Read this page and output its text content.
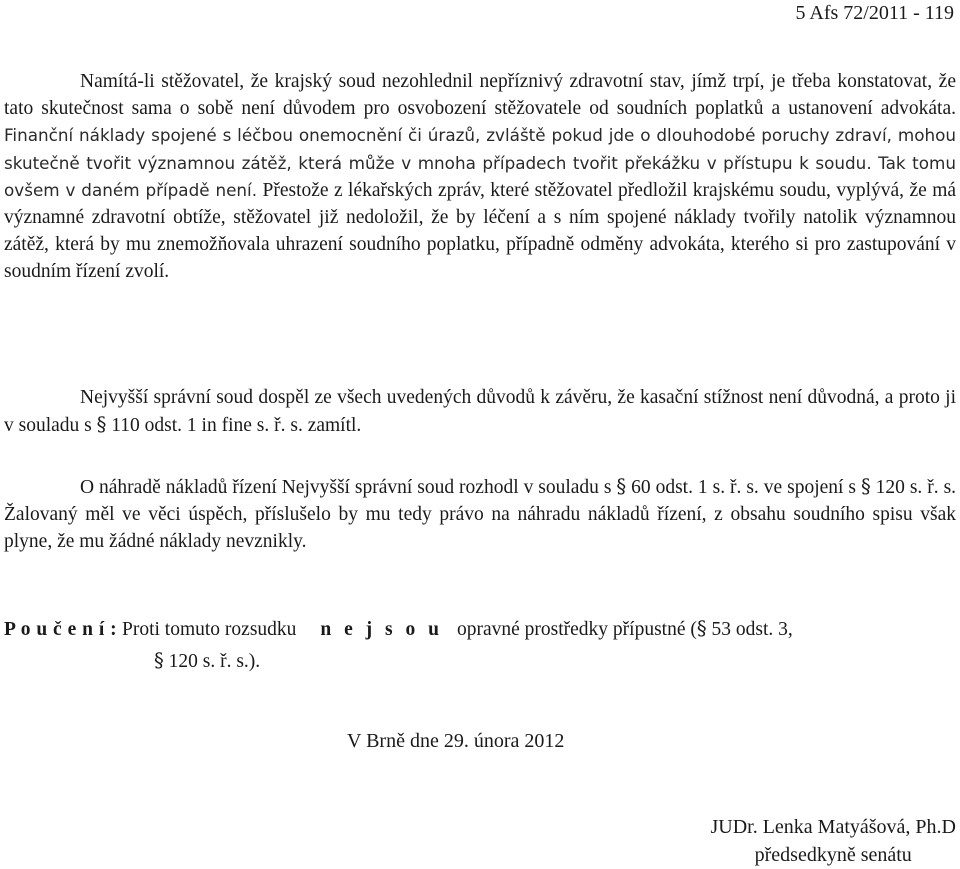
5 Afs 72/2011 - 119

Namítá-li stěžovatel, že krajský soud nezohlednil nepříznivý zdravotní stav, jímž trpí, je třeba konstatovat, že tato skutečnost sama o sobě není důvodem pro osvobození stěžovatele od soudních poplatků a ustanovení advokáta. Finanční náklady spojené s léčbou onemocnění či úrazů, zvláště pokud jde o dlouhodobé poruchy zdraví, mohou skutečně tvořit významnou zátěž, která může v mnoha případech tvořit překážku v přístupu k soudu. Tak tomu ovšem v daném případě není. Přestože z lékařských zpráv, které stěžovatel předložil krajskému soudu, vyplývá, že má významné zdravotní obtíže, stěžovatel již nedoložil, že by léčení a s ním spojené náklady tvořily natolik významnou zátěž, která by mu znemožňovala uhrazení soudního poplatku, případně odměny advokáta, kterého si pro zastupování v soudním řízení zvolí.

Nejvyšší správní soud dospěl ze všech uvedených důvodů k závěru, že kasační stížnost není důvodná, a proto ji v souladu s § 110 odst. 1 in fine s. ř. s. zamítl.

O náhradě nákladů řízení Nejvyšší správní soud rozhodl v souladu s § 60 odst. 1 s. ř. s. ve spojení s § 120 s. ř. s. Žalovaný měl ve věci úspěch, příslušelo by mu tedy právo na náhradu nákladů řízení, z obsahu soudního spisu však plyne, že mu žádné náklady nevznikly.

P o u č e n í : Proti tomuto rozsudku n e j s o u opravné prostředky přípustné (§ 53 odst. 3,
§ 120 s. ř. s.).

V Brně dne 29. února 2012
JUDr. Lenka Matyášová, Ph.D
předsedkyně senátu
